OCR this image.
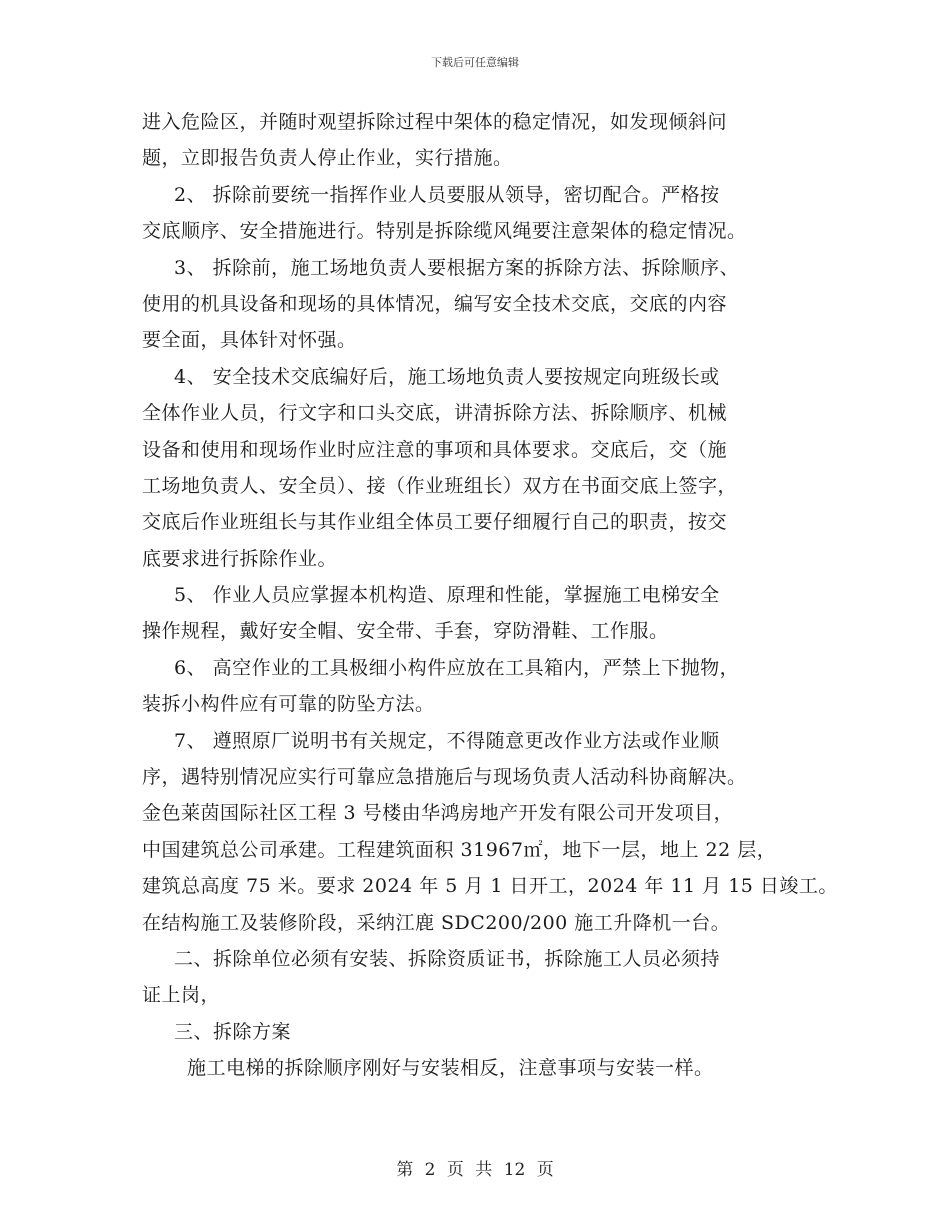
下载后可任意编辑
进入危险区，并随时观望拆除过程中架体的稳定情况，如发现倾斜问
题，立即报告负责人停止作业，实行措施。
2、 拆除前要统一指挥作业人员要服从领导，密切配合。严格按
交底顺序、安全措施进行。特别是拆除缆风绳要注意架体的稳定情况。
3、 拆除前，施工场地负责人要根据方案的拆除方法、拆除顺序、
使用的机具设备和现场的具体情况，编写安全技术交底，交底的内容
要全面，具体针对怀强。
4、 安全技术交底编好后，施工场地负责人要按规定向班级长或
全体作业人员，行文字和口头交底，讲清拆除方法、拆除顺序、机械
设备和使用和现场作业时应注意的事项和具体要求。交底后，交（施
工场地负责人、安全员）、接（作业班组长）双方在书面交底上签字，
交底后作业班组长与其作业组全体员工要仔细履行自己的职责，按交
底要求进行拆除作业。
5、 作业人员应掌握本机构造、原理和性能，掌握施工电梯安全
操作规程，戴好安全帽、安全带、手套，穿防滑鞋、工作服。
6、 高空作业的工具极细小构件应放在工具箱内，严禁上下抛物，
装拆小构件应有可靠的防坠方法。
7、 遵照原厂说明书有关规定，不得随意更改作业方法或作业顺
序，遇特别情况应实行可靠应急措施后与现场负责人活动科协商解决。
金色莱茵国际社区工程 3 号楼由华鸿房地产开发有限公司开发项目，
中国建筑总公司承建。工程建筑面积 31967㎡，地下一层，地上 22 层，
建筑总高度 75 米。要求 2024 年 5 月 1 日开工，2024 年 11 月 15 日竣工。
在结构施工及装修阶段，采纳江鹿 SDC200/200 施工升降机一台。
二、拆除单位必须有安装、拆除资质证书，拆除施工人员必须持
证上岗，
三、拆除方案
施工电梯的拆除顺序刚好与安装相反，注意事项与安装一样。
第 2 页 共 12 页
